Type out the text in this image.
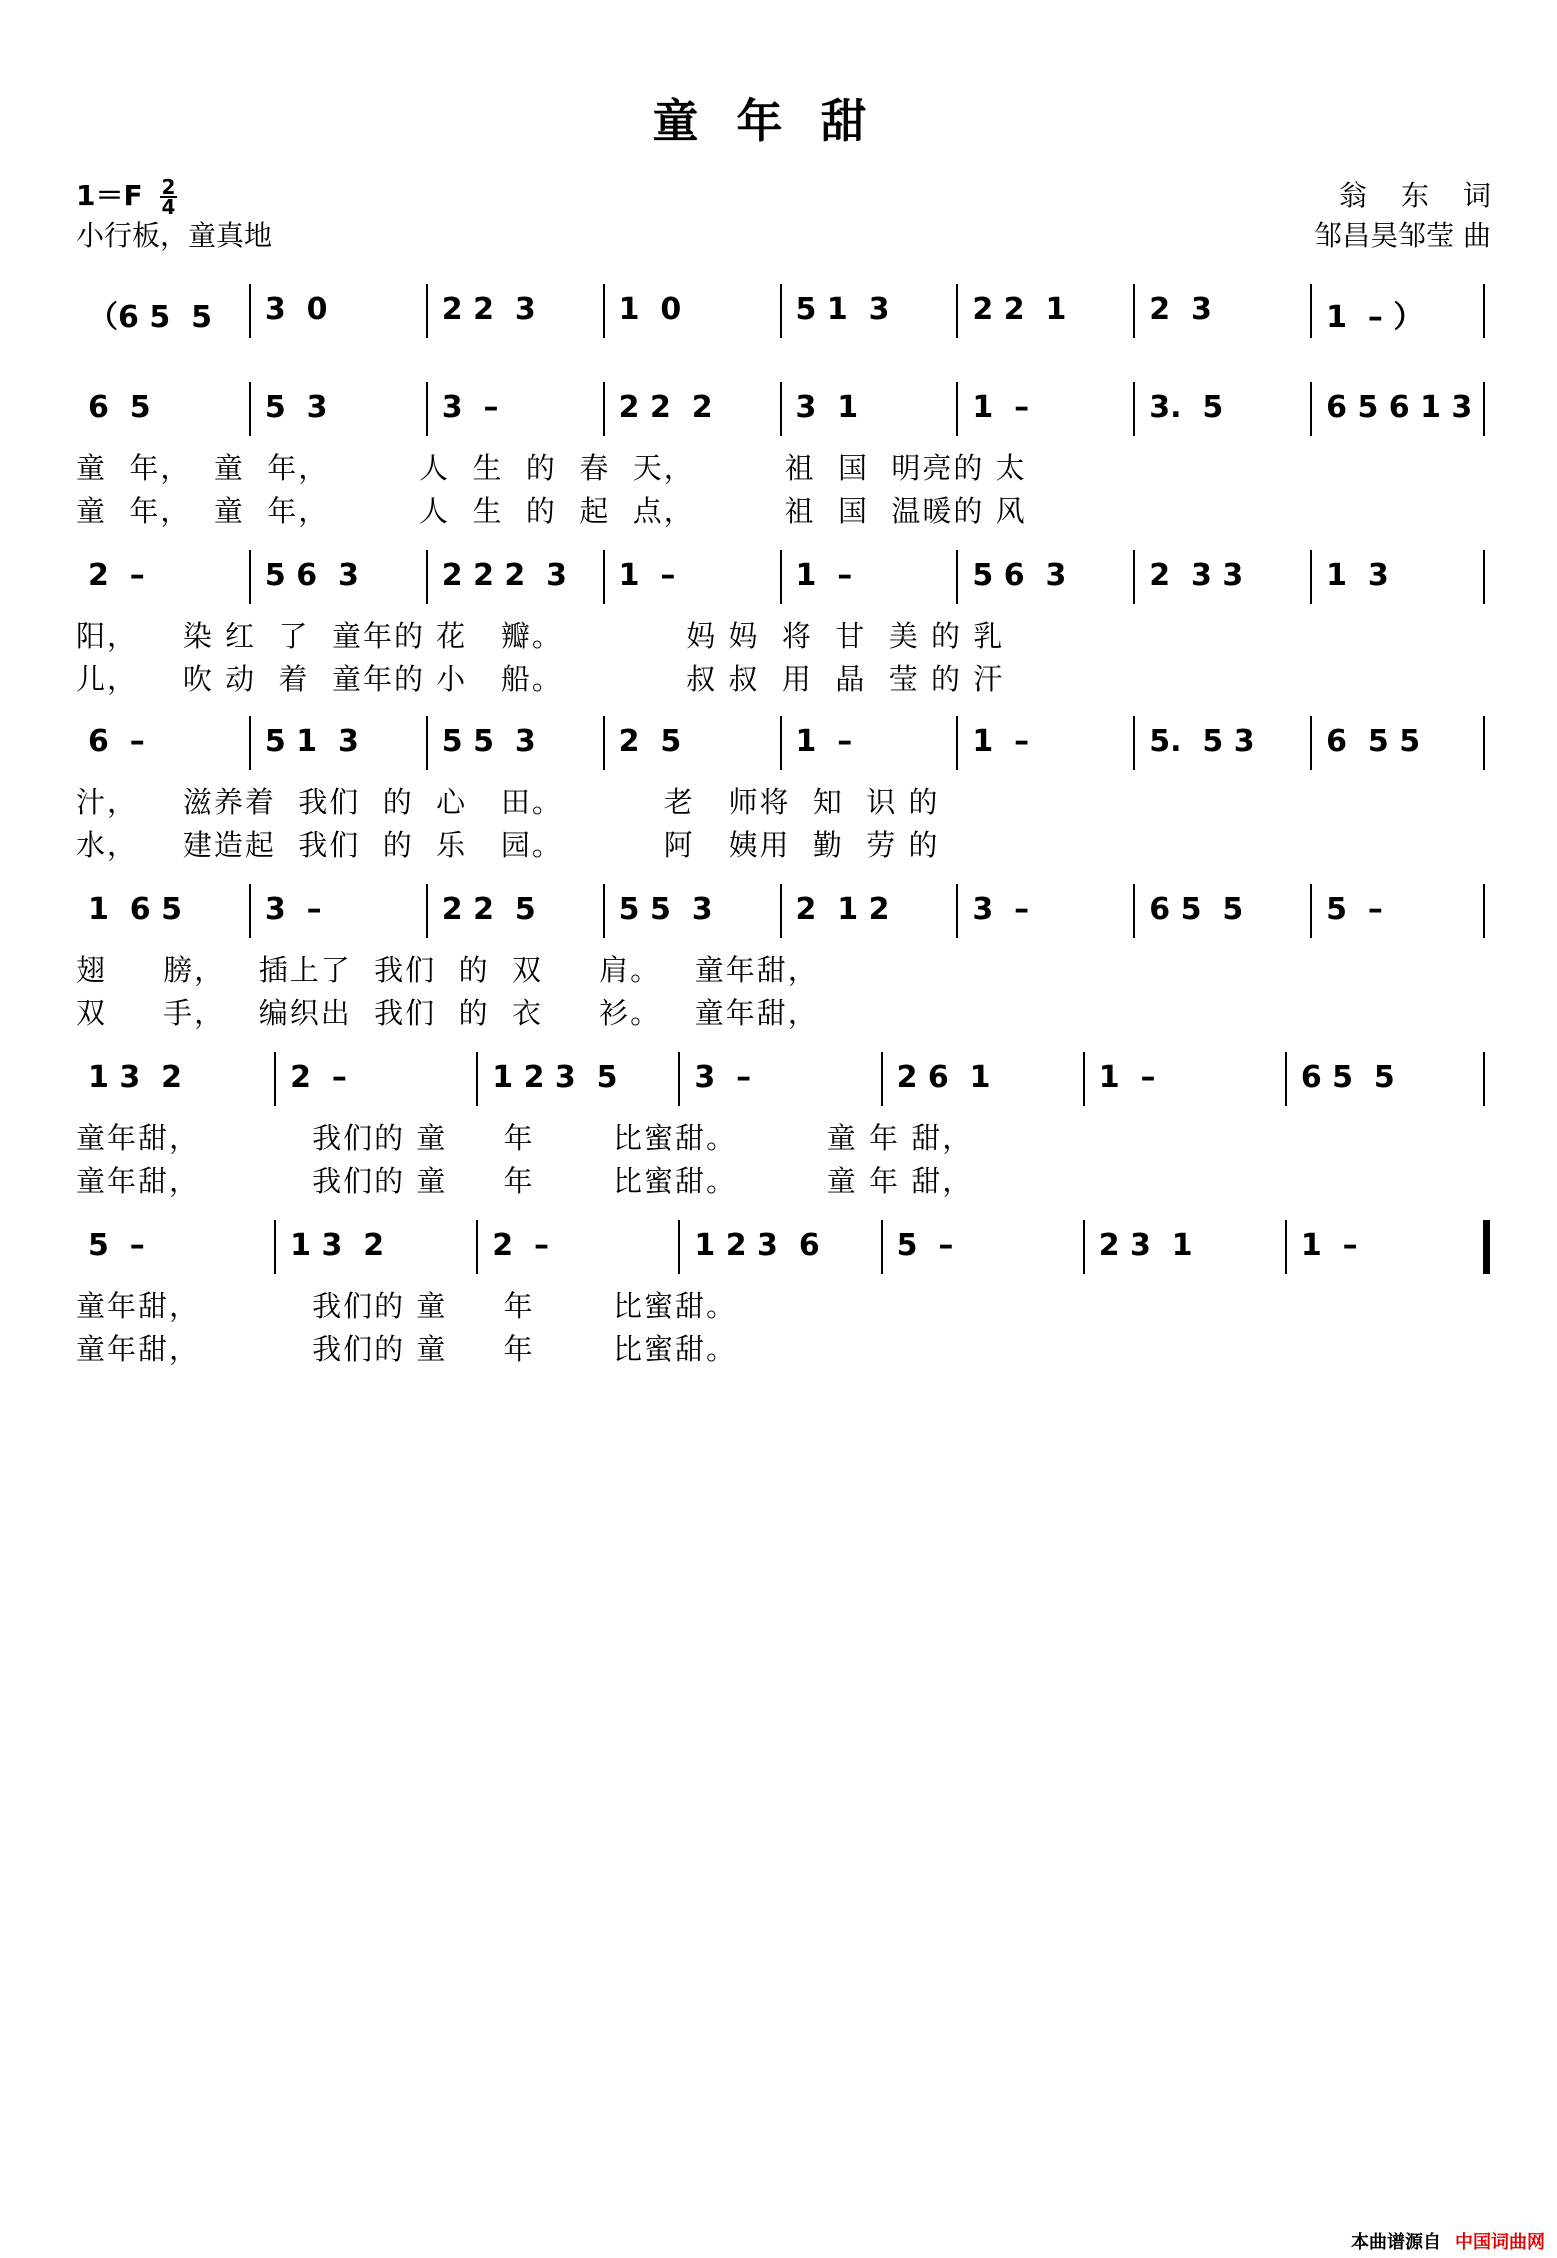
童年甜
$1=F \frac{2}{4}$
小行板，童真地
翁东词
邹昌昊邹莹 曲
（6 5  5	3  0	2 2  3	1  0	5 1  3	2 2  1	2  3	1  – ）
6  5	5  3	3  –	2 2  2	3  1	1  –	3.  5	6 5 6 1 3
童  年，  童  年，        人  生  的  春  天，        祖  国  明亮的 太
童  年，  童  年，        人  生  的  起  点，        祖  国  温暖的 风
2  –	5 6  3	2 2 2  3	1  –	1  –	5 6  3	2  3 3	1  3
阳，    染 红  了  童年的 花   瓣。           妈 妈  将  甘  美 的 乳
儿，    吹 动  着  童年的 小   船。           叔 叔  用  晶  莹 的 汗
6  –	5 1  3	5 5  3	2  5	1  –	1  –	5.  5 3	6  5 5
汁，    滋养着  我们  的  心   田。         老   师将  知  识 的
水，    建造起  我们  的  乐   园。         阿   姨用  勤  劳 的
1  6 5	3  –	2 2  5	5 5  3	2  1 2	3  –	6 5  5	5  –
翅     膀，   插上了  我们  的  双     肩。   童年甜，
双     手，   编织出  我们  的  衣     衫。   童年甜，
1 3  2	2  –	1 2 3  5	3  –	2 6  1	1  –	6 5  5
童年甜，          我们的 童     年       比蜜甜。        童 年 甜，
童年甜，          我们的 童     年       比蜜甜。        童 年 甜，
5  –	1 3  2	2  –	1 2 3  6	5  –	2 3  1	1  –
童年甜，          我们的 童     年       比蜜甜。
童年甜，          我们的 童     年       比蜜甜。
本曲谱源自 中国词曲网
